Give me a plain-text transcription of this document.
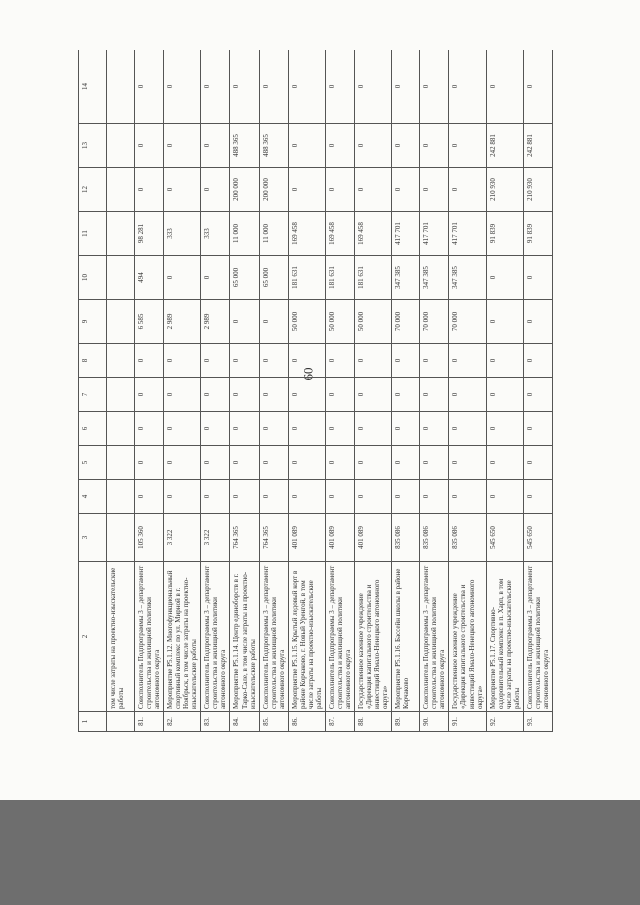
60
1	2	3	4	5	6	7	8	9	10	11	12	13	14
	том числе затраты на проектно-изыскательские работы												
81.	Соисполнитель Подпрограммы 3 – департамент строительства и жилищной политики автономного округа	105 360	0	0	0	0	0	6 585	494	98 281	0	0	0
82.	Мероприятие Р5.1.12. Многофункциональный спортивный комплекс по ул. Мирной в г. Ноябрьск, в том числе затраты на проектно-изыскательские работы	3 322	0	0	0	0	0	2 989	0	333	0	0	0
83.	Соисполнитель Подпрограммы 3 – департамент строительства и жилищной политики автономного округа	3 322	0	0	0	0	0	2 989	0	333	0	0	0
84.	Мероприятие Р5.1.14. Центр единоборств в г. Тарко-Сале, в том числе затраты на проектно-изыскательские работы	764 365	0	0	0	0	0	0	65 000	11 000	200 000	488 365	0
85.	Соисполнитель Подпрограммы 3 – департамент строительства и жилищной политики автономного округа	764 365	0	0	0	0	0	0	65 000	11 000	200 000	488 365	0
86.	Мероприятие Р5.1.15. Крытый ледовый корт в районе Корчаково, г. Новый Уренгой, в том числе затраты на проектно-изыскательские работы	401 089	0	0	0	0	0	50 000	181 631	169 458	0	0	0
87.	Соисполнитель Подпрограммы 3 – департамент строительства и жилищной политики автономного округа	401 089	0	0	0	0	0	50 000	181 631	169 458	0	0	0
88.	Государственное казенное учреждение «Дирекция капитального строительства и инвестиций Ямало-Ненецкого автономного округа»	401 089	0	0	0	0	0	50 000	181 631	169 458	0	0	0
89.	Мероприятие Р5.1.16. Бассейн школы в районе Корчаково	835 086	0	0	0	0	0	70 000	347 385	417 701	0	0	0
90.	Соисполнитель Подпрограммы 3 – департамент строительства и жилищной политики автономного округа	835 086	0	0	0	0	0	70 000	347 385	417 701	0	0	0
91.	Государственное казенное учреждение «Дирекция капитального строительства и инвестиций Ямало-Ненецкого автономного округа»	835 086	0	0	0	0	0	70 000	347 385	417 701	0	0	0
92.	Мероприятие Р5.1.17. Спортивно-оздоровительный комплекс в п. Харп, в том числе затраты на проектно-изыскательские работы	545 650	0	0	0	0	0	0	0	91 839	210 930	242 881	0
93.	Соисполнитель Подпрограммы 3 – департамент строительства и жилищной политики автономного округа	545 650	0	0	0	0	0	0	0	91 839	210 930	242 881	0
